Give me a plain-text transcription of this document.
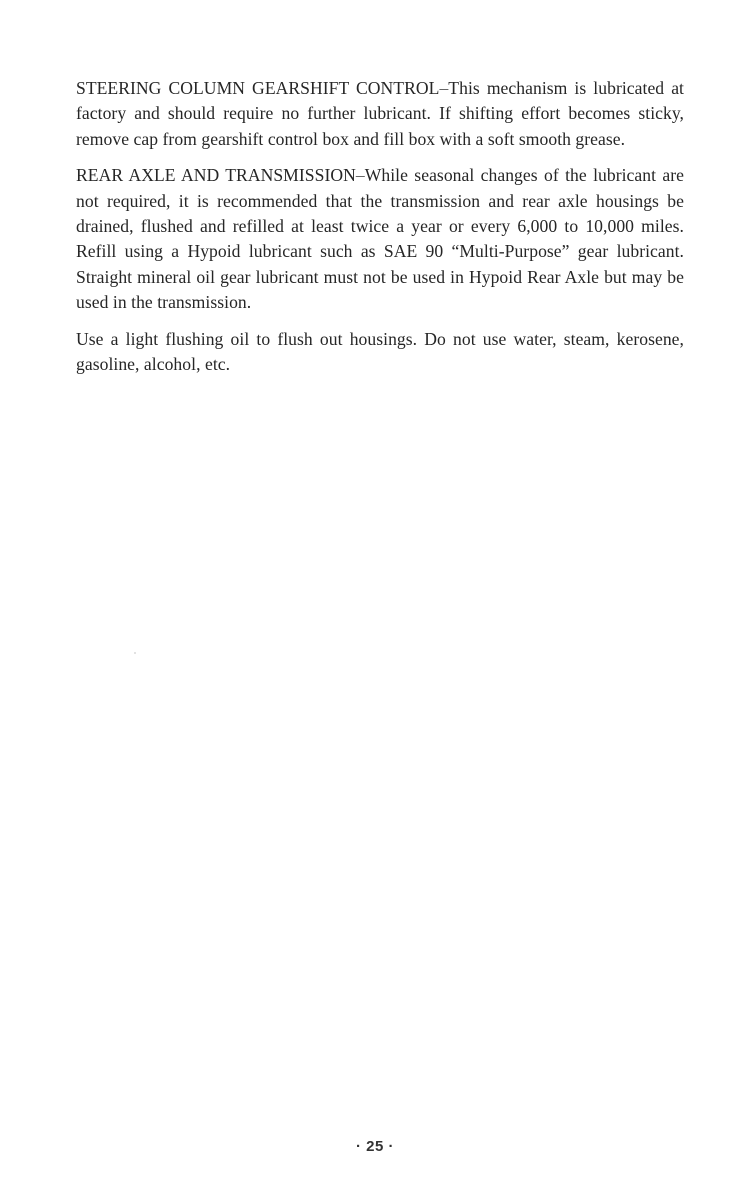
STEERING COLUMN GEARSHIFT CONTROL–This mechanism is lubricated at factory and should require no further lubricant. If shifting effort becomes sticky, remove cap from gearshift control box and fill box with a soft smooth grease.

REAR AXLE AND TRANSMISSION–While seasonal changes of the lubricant are not required, it is recommended that the transmission and rear axle housings be drained, flushed and refilled at least twice a year or every 6,000 to 10,000 miles. Refill using a Hypoid lubricant such as SAE 90 “Multi-Purpose” gear lubricant. Straight mineral oil gear lubricant must not be used in Hypoid Rear Axle but may be used in the transmission.

Use a light flushing oil to flush out housings. Do not use water, steam, kerosene, gasoline, alcohol, etc.

· 25 ·
